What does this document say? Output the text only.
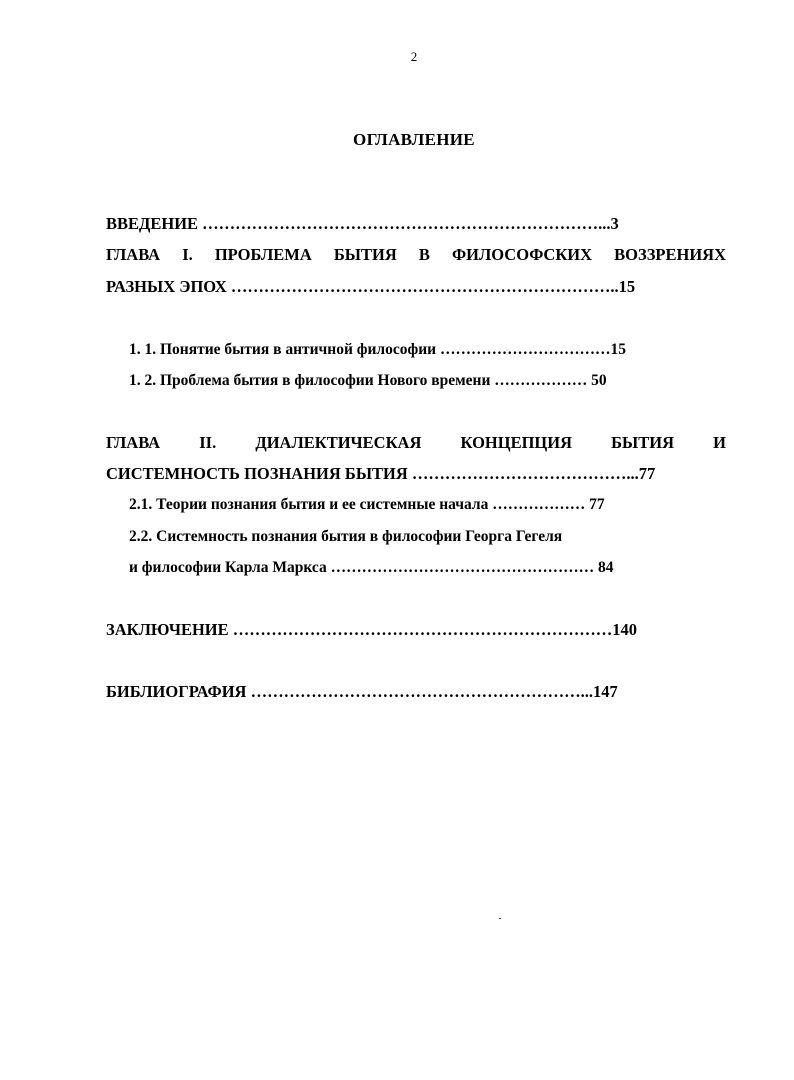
2
ОГЛАВЛЕНИЕ
ВВЕДЕНИЕ ………………………………………………………………...3
ГЛАВА I. ПРОБЛЕМА БЫТИЯ В ФИЛОСОФСКИХ ВОЗЗРЕНИЯХ
РАЗНЫХ ЭПОХ ……………………………………………………………..15
1. 1. Понятие бытия в античной философии ……………………………15
1. 2. Проблема бытия в философии Нового времени ……………… 50
ГЛАВА II. ДИАЛЕКТИЧЕСКАЯ КОНЦЕПЦИЯ БЫТИЯ И
СИСТЕМНОСТЬ ПОЗНАНИЯ БЫТИЯ …………………………………...77
2.1. Теории познания бытия и ее системные начала ……………… 77
2.2. Системность познания бытия в философии Георга Гегеля
и философии Карла Маркса …………………………………………… 84
ЗАКЛЮЧЕНИЕ ……………………………………………………………140
БИБЛИОГРАФИЯ ……………………………………………………...147
